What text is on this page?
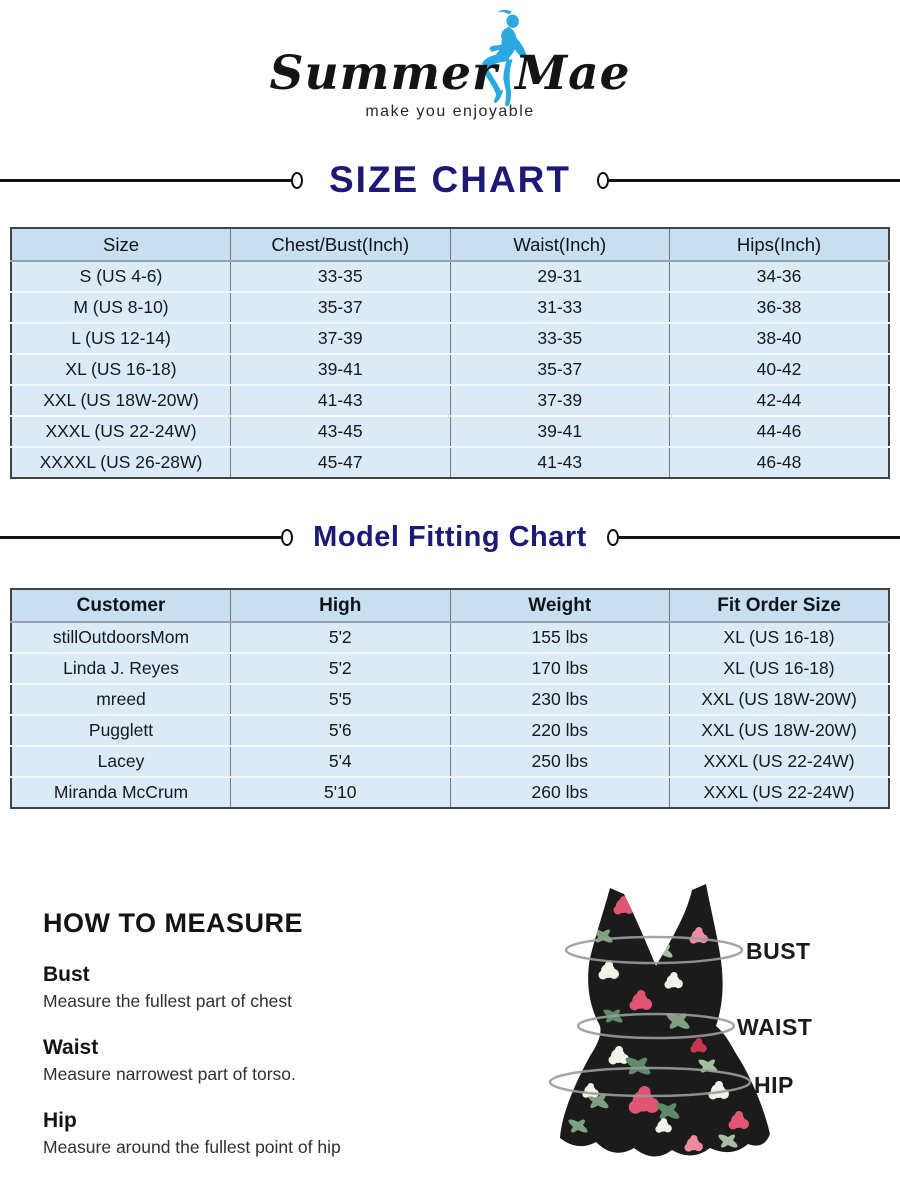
Summer Mae
make you enjoyable
SIZE CHART
Size	Chest/Bust(Inch)	Waist(Inch)	Hips(Inch)
S (US 4-6)	33-35	29-31	34-36
M (US 8-10)	35-37	31-33	36-38
L (US 12-14)	37-39	33-35	38-40
XL (US 16-18)	39-41	35-37	40-42
XXL (US 18W-20W)	41-43	37-39	42-44
XXXL (US 22-24W)	43-45	39-41	44-46
XXXXL (US 26-28W)	45-47	41-43	46-48
Model Fitting Chart
Customer	High	Weight	Fit Order Size
stillOutdoorsMom	5'2	155 lbs	XL (US 16-18)
Linda J. Reyes	5'2	170 lbs	XL (US 16-18)
mreed	5'5	230 lbs	XXL (US 18W-20W)
Pugglett	5'6	220 lbs	XXL (US 18W-20W)
Lacey	5'4	250 lbs	XXXL (US 22-24W)
Miranda McCrum	5'10	260 lbs	XXXL (US 22-24W)
HOW TO MEASURE
Bust
Measure the fullest part of chest
Waist
Measure narrowest part of torso.
Hip
Measure around the fullest point of hip
BUST
WAIST
HIP
